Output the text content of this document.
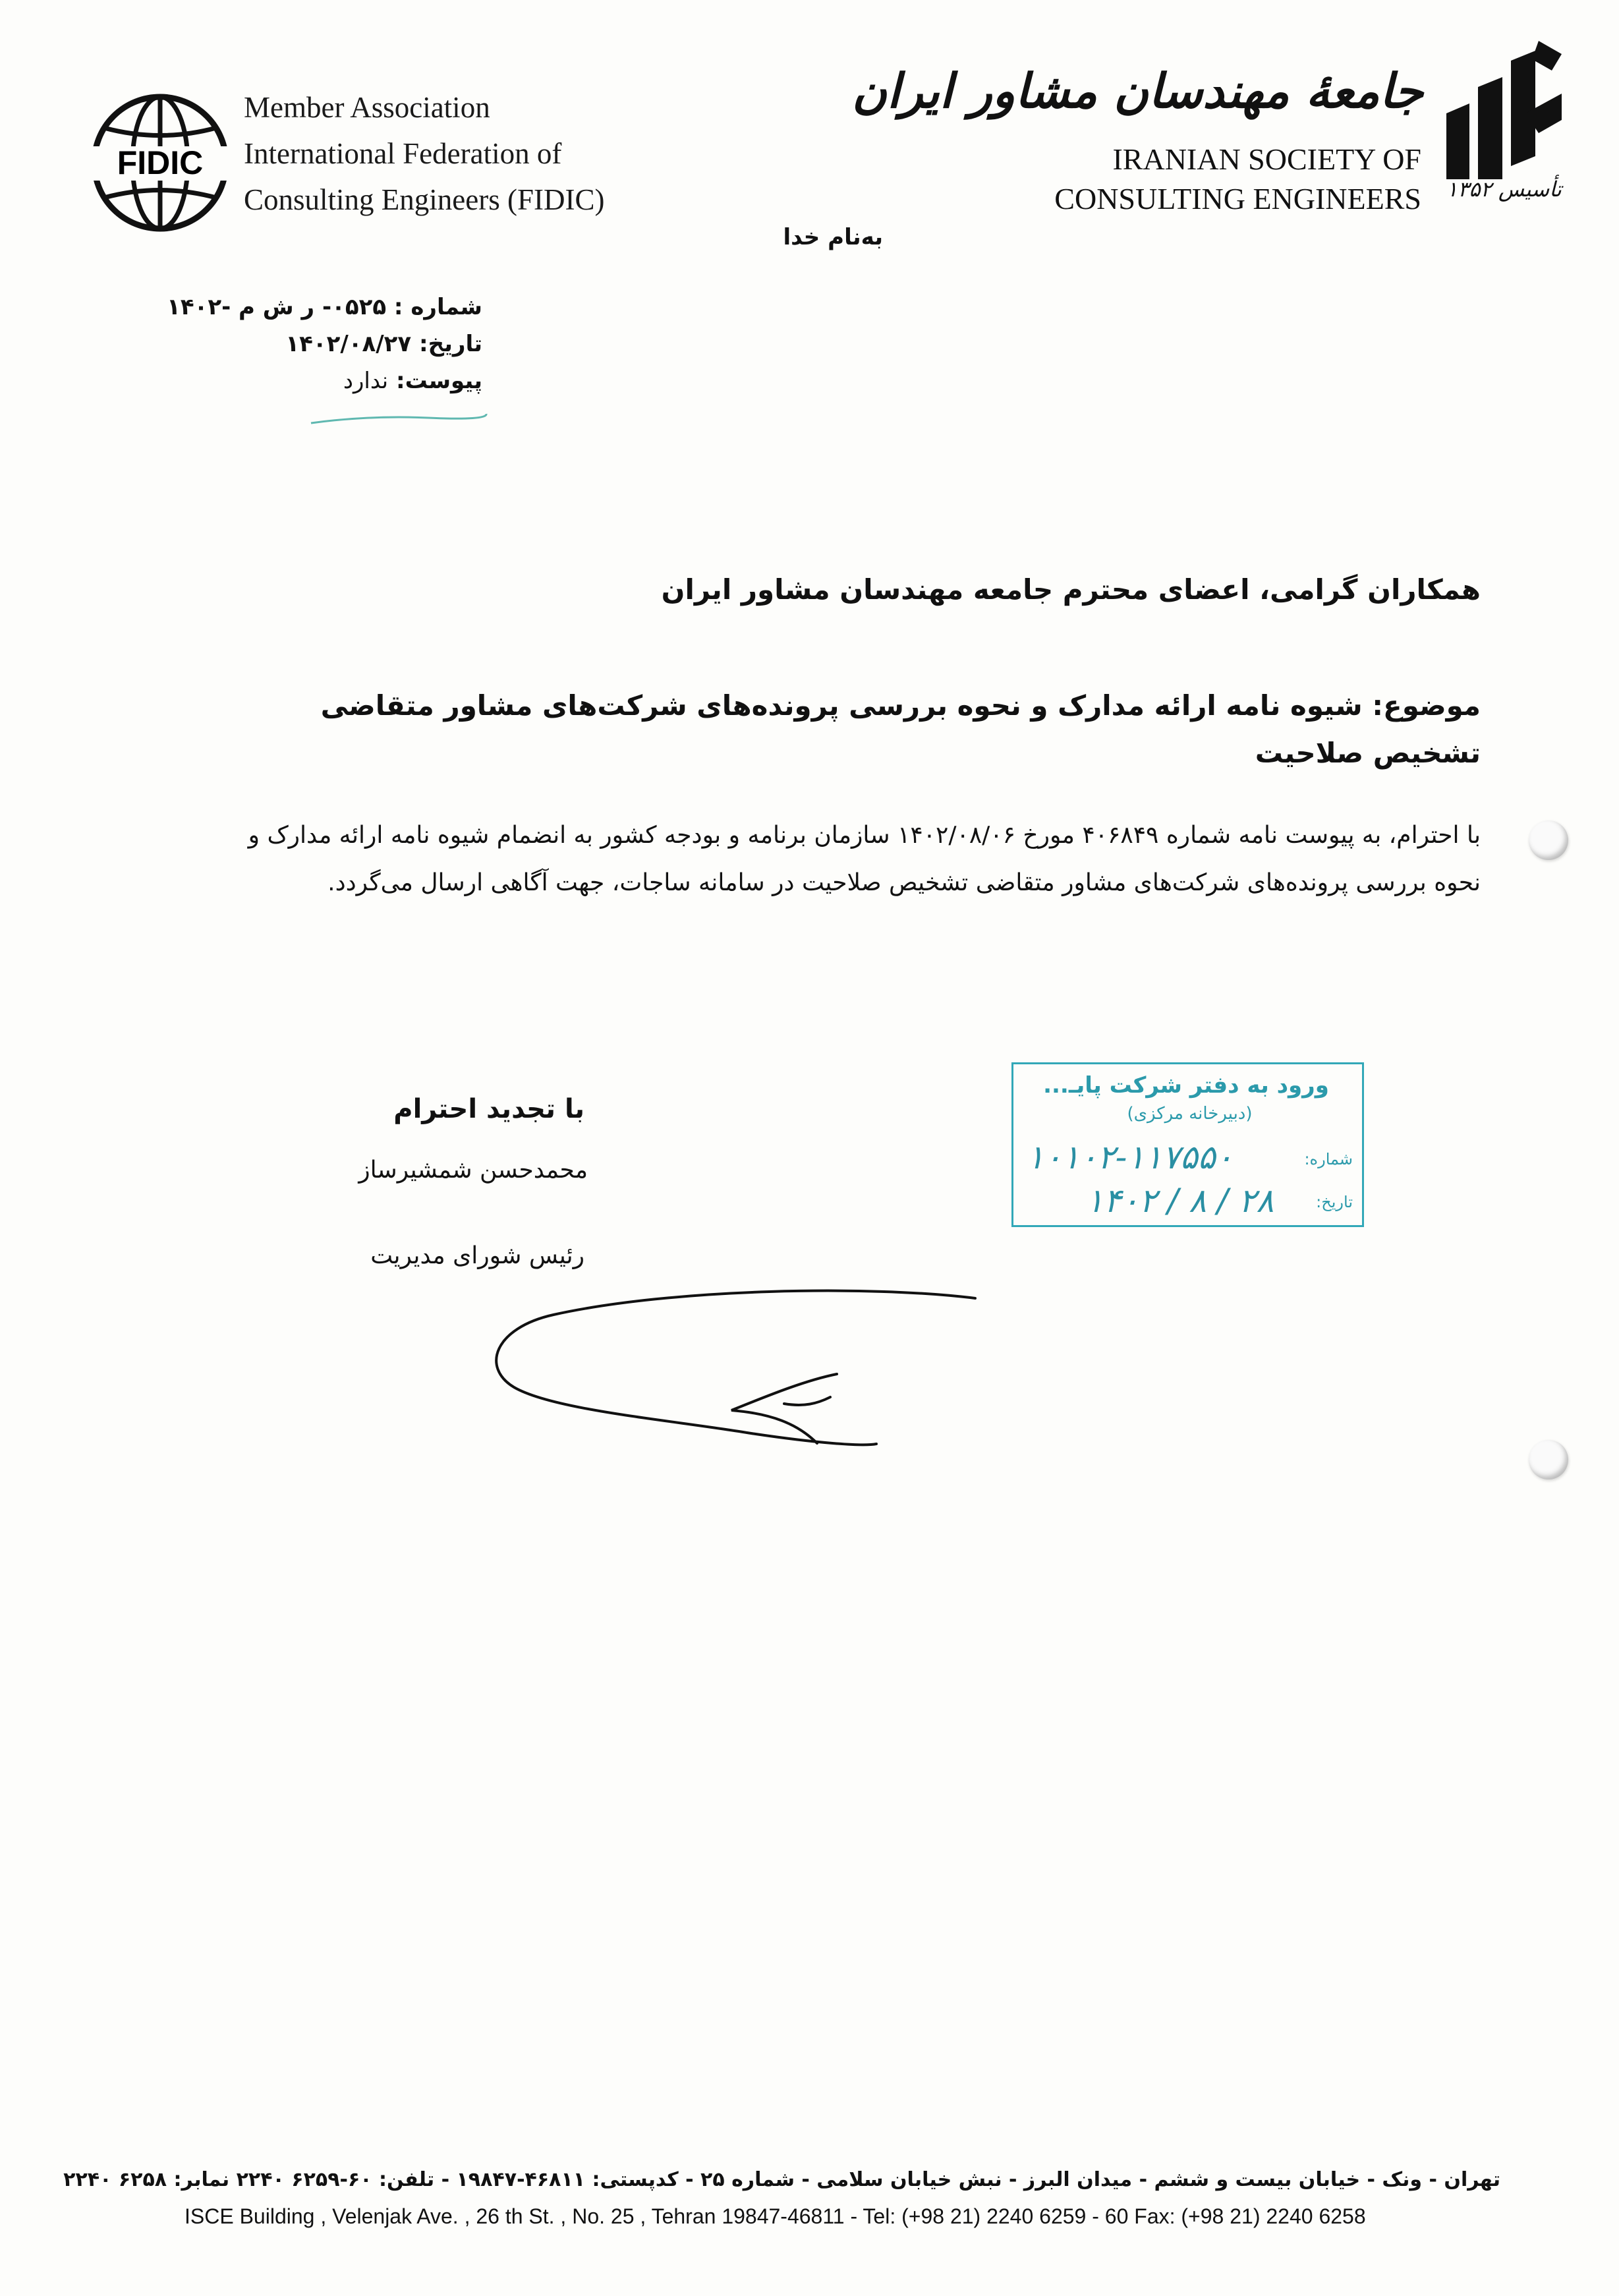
FIDIC
Member Association
International Federation of
Consulting Engineers (FIDIC)
جامعهٔ مهندسان مشاور ایران
IRANIAN SOCIETY OF
CONSULTING ENGINEERS تأسیس ۱۳۵۲
به‌نام خدا
شماره : ۰۵۲۵- ر ش م -۱۴۰۲
تاریخ: ۱۴۰۲/۰۸/۲۷
پیوست: ندارد
همکاران گرامی، اعضای محترم جامعه مهندسان مشاور ایران
موضوع: شیوه نامه ارائه مدارک و نحوه بررسی پرونده‌های شرکت‌های مشاور متقاضی تشخیص صلاحیت
با احترام، به پیوست نامه شماره ۴۰۶۸۴۹ مورخ ۱۴۰۲/۰۸/۰۶ سازمان برنامه و بودجه کشور به انضمام شیوه نامه ارائه مدارک و نحوه بررسی پرونده‌های شرکت‌های مشاور متقاضی تشخیص صلاحیت در سامانه ساجات، جهت آگاهی ارسال می‌گردد.
با تجدید احترام
محمدحسن شمشیرساز
رئیس شورای مدیریت
ورود به دفتر شرکت پایـ...
(دبیرخانه مرکزی)
شماره:
تاریخ:
۱۰۱۰۲-۱۱۷۵۵۰
۱۴۰۲ / ۸ / ۲۸
تهران - ونک - خیابان بیست و ششم - میدان البرز - نبش خیابان سلامی - شماره ۲۵ - کدپستی: ۴۶۸۱۱-۱۹۸۴۷ - تلفن: ۶۰-۶۲۵۹ ۲۲۴۰ نمابر: ۶۲۵۸ ۲۲۴۰
ISCE Building , Velenjak Ave. , 26 th St. , No. 25 , Tehran 19847-46811 - Tel: (+98 21) 2240 6259 - 60 Fax: (+98 21) 2240 6258
